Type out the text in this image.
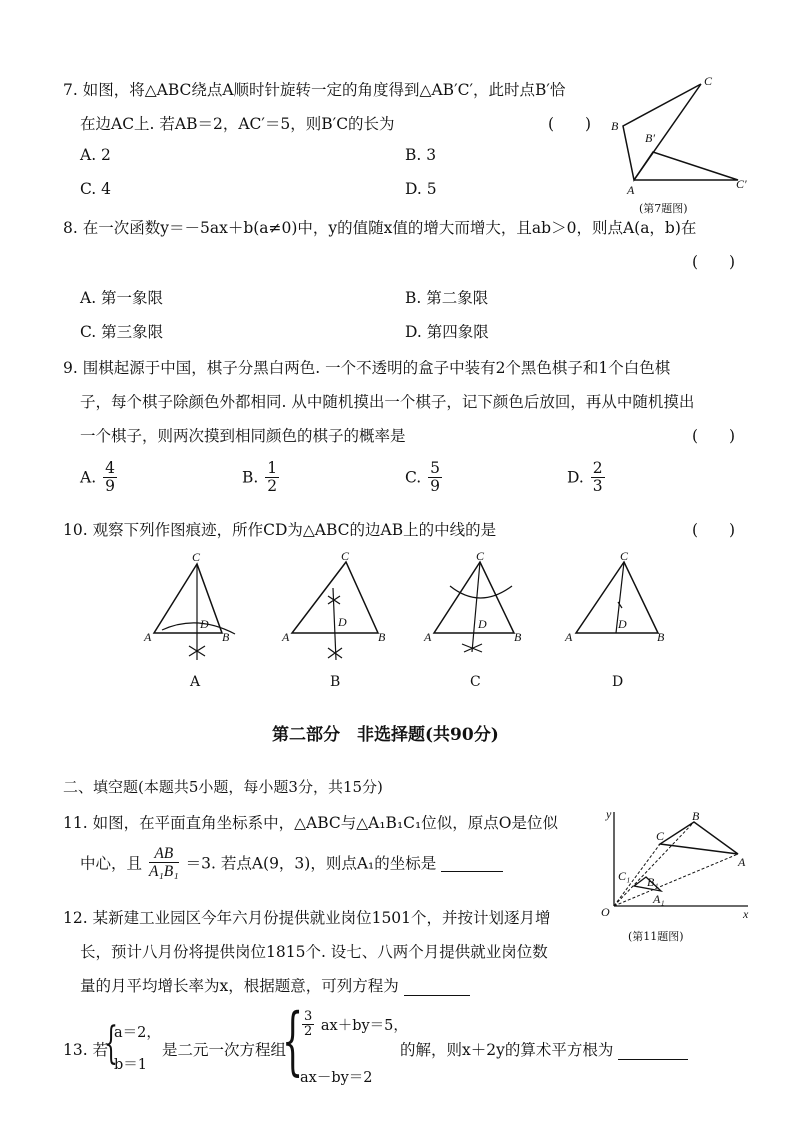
7. 如图，将△ABC绕点A顺时针旋转一定的角度得到△AB′C′，此时点B′恰
在边AC上. 若AB＝2，AC′＝5，则B′C的长为	(　　)
A. 2	B. 3
C. 4	D. 5
C
B
B′
A	C′
(第7题图)
8. 在一次函数y＝－5ax＋b(a≠0)中，y的值随x值的增大而增大，且ab＞0，则点A(a，b)在
(　　)
A. 第一象限	B. 第二象限
C. 第三象限	D. 第四象限
9. 围棋起源于中国，棋子分黑白两色. 一个不透明的盒子中装有2个黑色棋子和1个白色棋
子，每个棋子除颜色外都相同. 从中随机摸出一个棋子，记下颜色后放回，再从中随机摸出
一个棋子，则两次摸到相同颜色的棋子的概率是	(　　)
A. $\frac{4}{9}$	B. $\frac{1}{2}$	C. $\frac{5}{9}$	D. $\frac{2}{3}$
10. 观察下列作图痕迹，所作CD为△ABC的边AB上的中线的是	(　　)
C
A	B
D
A
C
A	B
D
B
C
A	B
D
C
C
A	B
D
D
第二部分　非选择题(共90分)
二、填空题(本题共5小题，每小题3分，共15分)
11. 如图，在平面直角坐标系中，△ABC与△A₁B₁C₁位似，原点O是位似
中心，且 $\frac{AB}{\text{A₁B₁}} =3$. 若点A(9，3)，则点A₁的坐标是
y	B
C
A
C₁ B₁
A₁
O	x
(第11题图)
12. 某新建工业园区今年六月份提供就业岗位1501个，并按计划逐月增
长，预计八月份将提供岗位1815个. 设七、八两个月提供就业岗位数
量的月平均增长率为x，根据题意，可列方程为
13. 若
{
a＝2，
b＝1
是二元一次方程组
{
$\frac{3}{2} ax+by=5$，
ax－by＝2
的解，则x＋2y的算术平方根为
